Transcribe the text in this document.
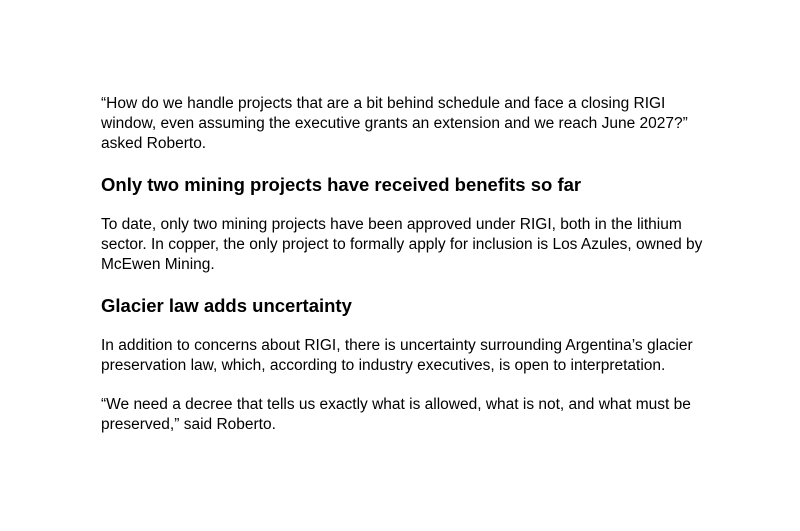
“How do we handle projects that are a bit behind schedule and face a closing RIGI window, even assuming the executive grants an extension and we reach June 2027?” asked Roberto.

Only two mining projects have received benefits so far

To date, only two mining projects have been approved under RIGI, both in the lithium sector. In copper, the only project to formally apply for inclusion is Los Azules, owned by McEwen Mining.

Glacier law adds uncertainty

In addition to concerns about RIGI, there is uncertainty surrounding Argentina’s glacier preservation law, which, according to industry executives, is open to interpretation.

“We need a decree that tells us exactly what is allowed, what is not, and what must be preserved,” said Roberto.
